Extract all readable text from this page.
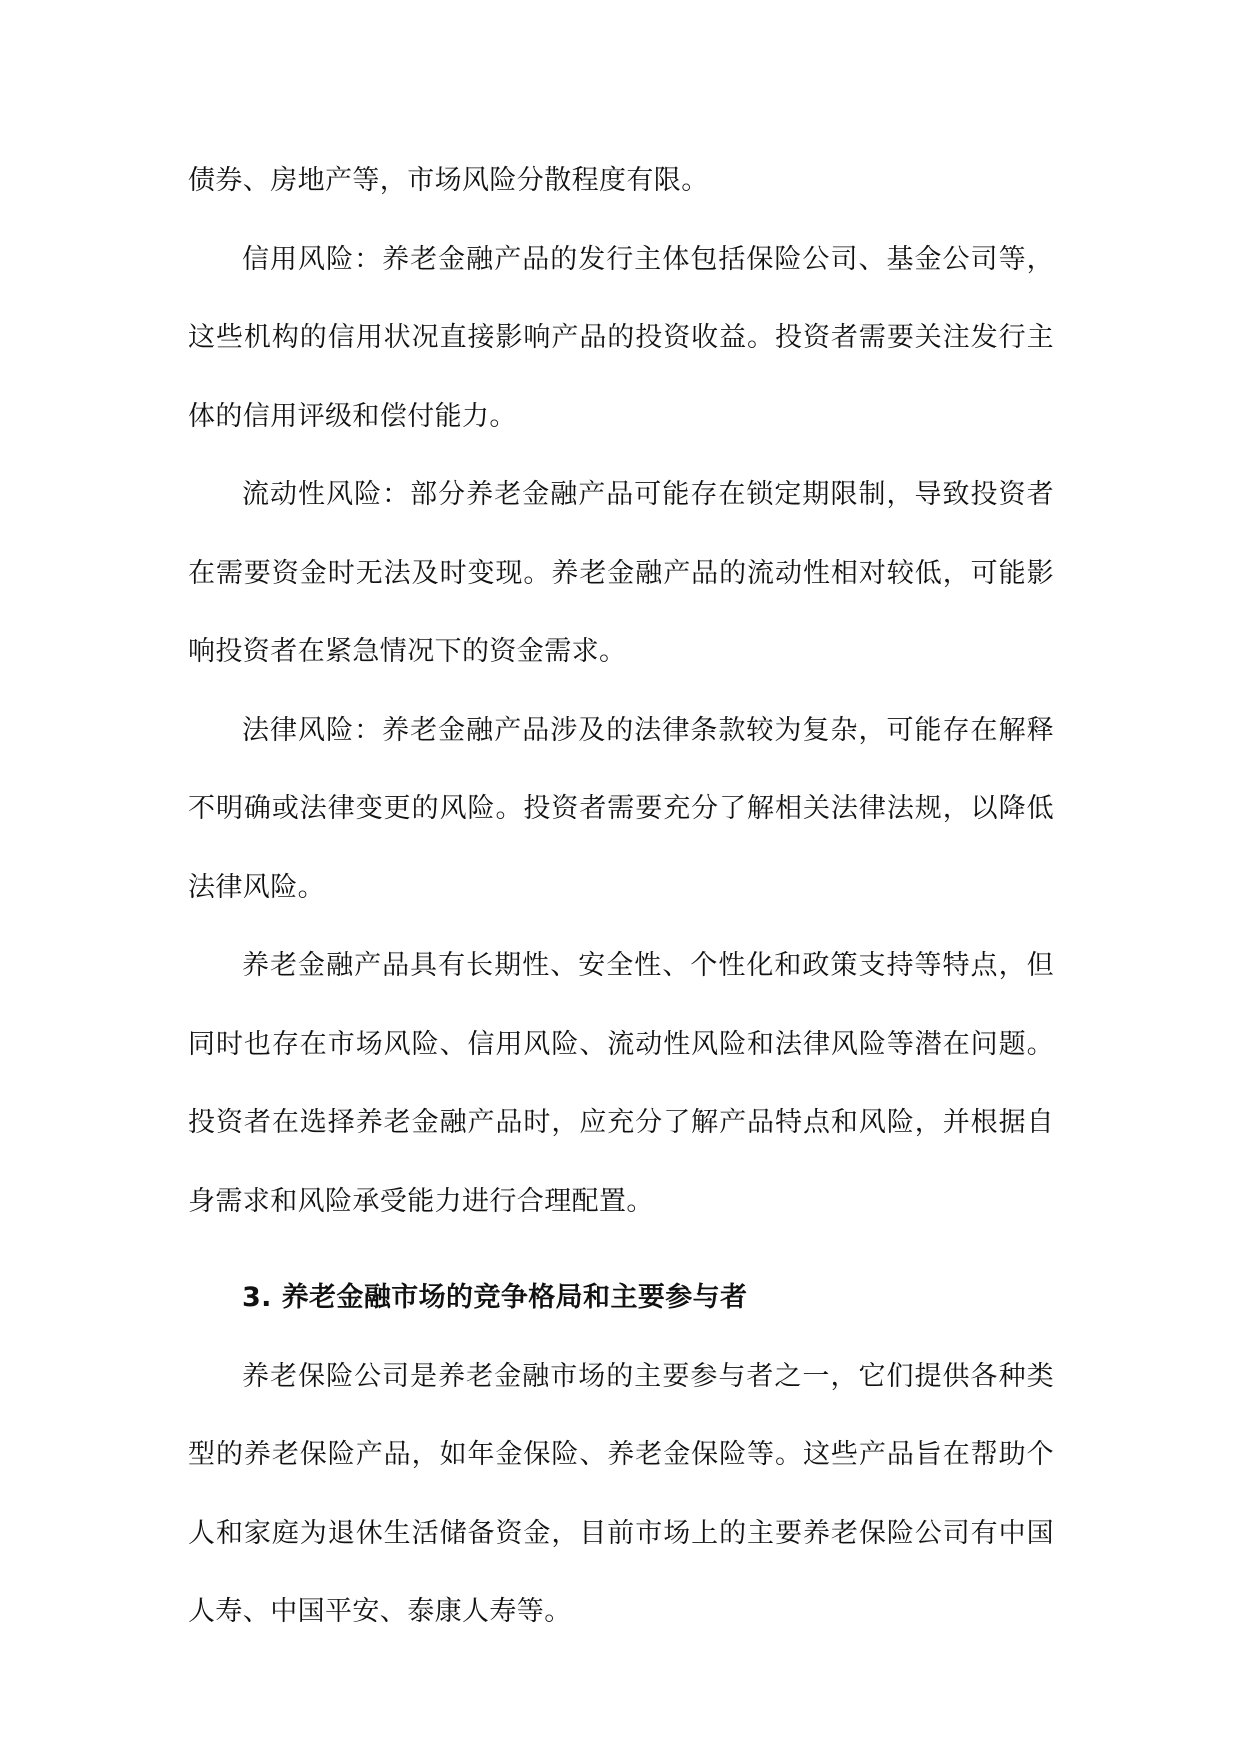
债券、房地产等，市场风险分散程度有限。

信用风险：养老金融产品的发行主体包括保险公司、基金公司等，这些机构的信用状况直接影响产品的投资收益。投资者需要关注发行主体的信用评级和偿付能力。

流动性风险：部分养老金融产品可能存在锁定期限制，导致投资者在需要资金时无法及时变现。养老金融产品的流动性相对较低，可能影响投资者在紧急情况下的资金需求。

法律风险：养老金融产品涉及的法律条款较为复杂，可能存在解释不明确或法律变更的风险。投资者需要充分了解相关法律法规，以降低法律风险。

养老金融产品具有长期性、安全性、个性化和政策支持等特点，但同时也存在市场风险、信用风险、流动性风险和法律风险等潜在问题。投资者在选择养老金融产品时，应充分了解产品特点和风险，并根据自身需求和风险承受能力进行合理配置。

3. 养老金融市场的竞争格局和主要参与者

养老保险公司是养老金融市场的主要参与者之一，它们提供各种类型的养老保险产品，如年金保险、养老金保险等。这些产品旨在帮助个人和家庭为退休生活储备资金，目前市场上的主要养老保险公司有中国人寿、中国平安、泰康人寿等。
